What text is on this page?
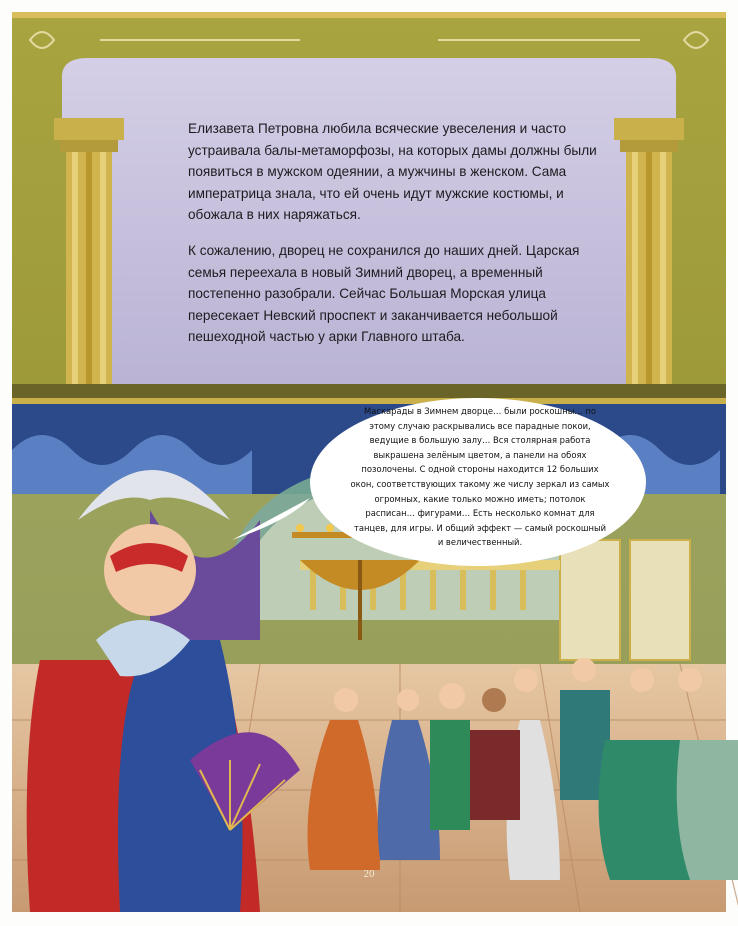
Елизавета Петровна любила всяческие увеселения и часто устраивала балы-метаморфозы, на которых дамы должны были появиться в мужском одеянии, а мужчины в женском. Сама императрица знала, что ей очень идут мужские костюмы, и обожала в них наряжаться.

К сожалению, дворец не сохранился до наших дней. Царская семья переехала в новый Зимний дворец, а временный постепенно разобрали. Сейчас Большая Морская улица пересекает Невский проспект и заканчивается небольшой пешеходной частью у арки Главного штаба.

Маскарады в Зимнем дворце… были роскошны… по этому случаю раскрывались все парадные покои, ведущие в большую залу… Вся столярная работа выкрашена зелёным цветом, а панели на обоях позолочены. С одной стороны находится 12 больших окон, соответствующих такому же числу зеркал из самых огромных, какие только можно иметь; потолок расписан… фигурами… Есть несколько комнат для танцев, для игры. И общий эффект — самый роскошный и величественный.

20
